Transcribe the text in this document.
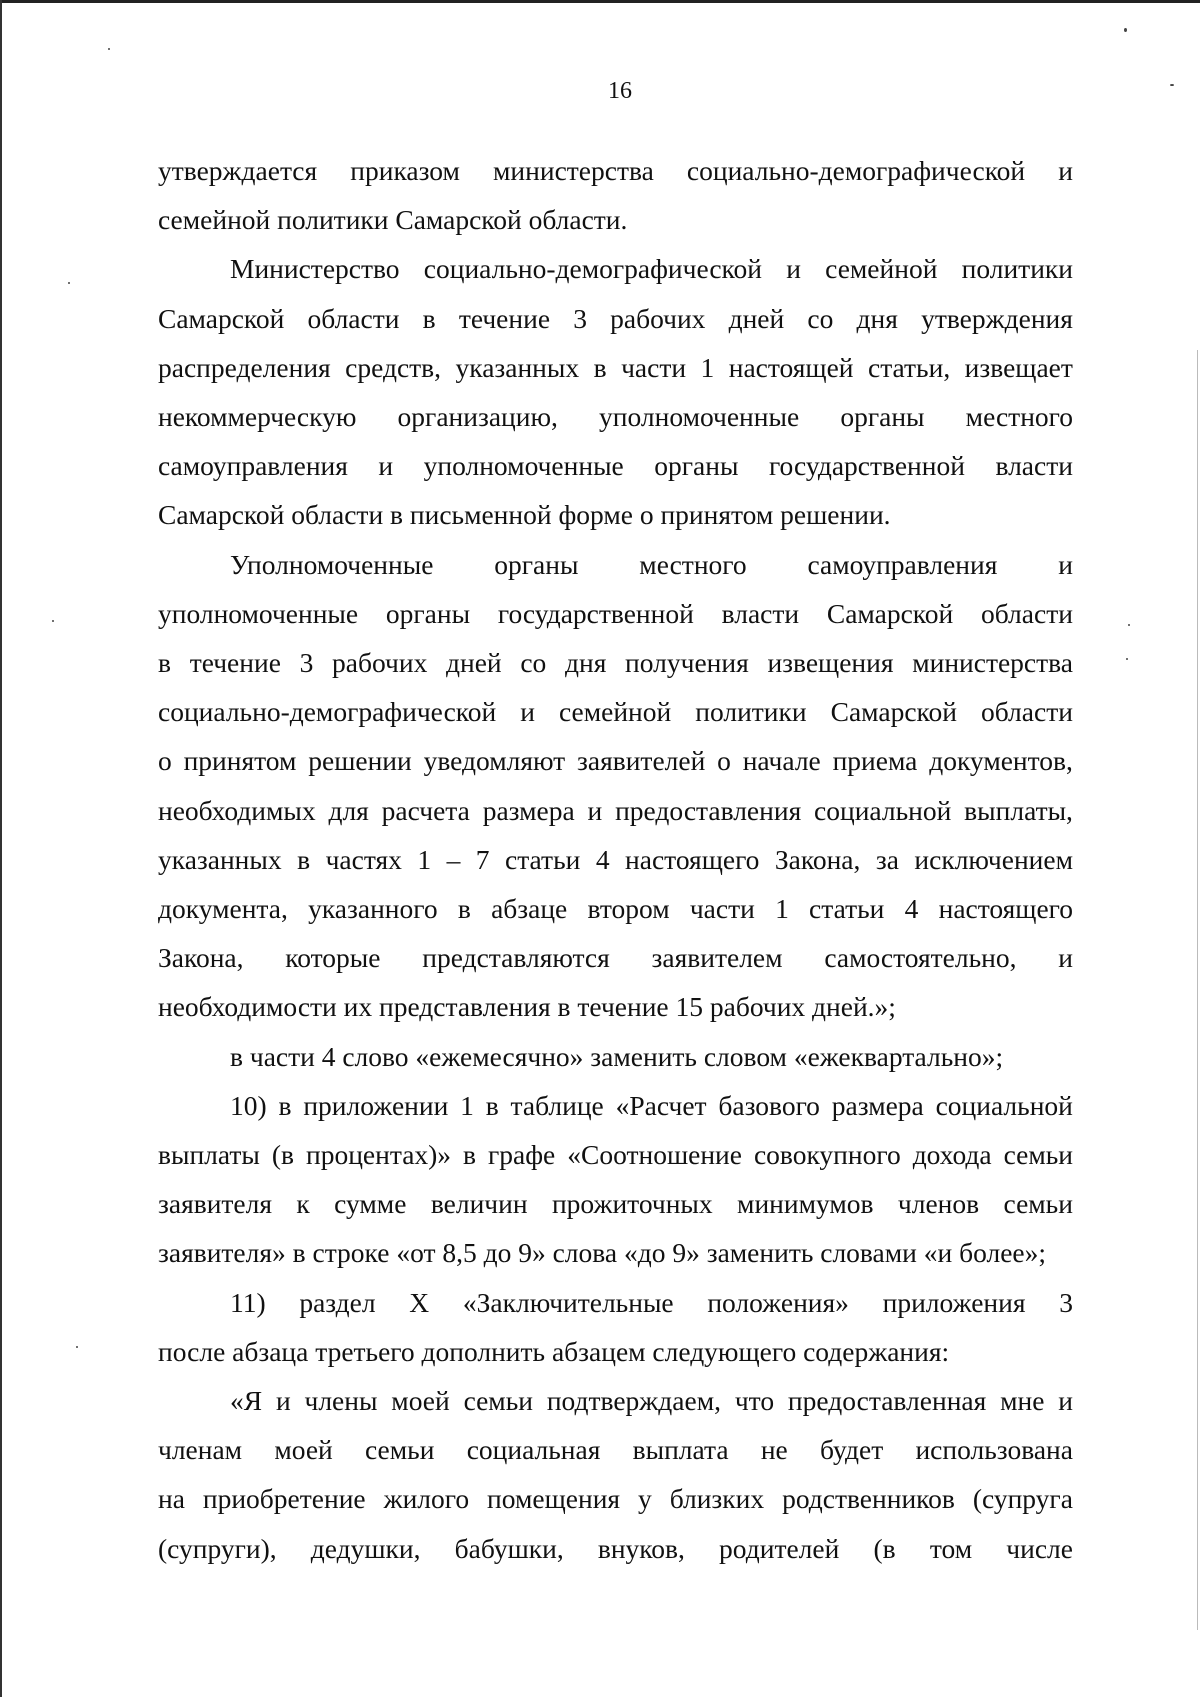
16
утверждается приказом министерства социально-демографической и
семейной политики Самарской области.
Министерство социально-демографической и семейной политики
Самарской области в течение 3 рабочих дней со дня утверждения
распределения средств, указанных в части 1 настоящей статьи, извещает
некоммерческую организацию, уполномоченные органы местного
самоуправления и уполномоченные органы государственной власти
Самарской области в письменной форме о принятом решении.
Уполномоченные органы местного самоуправления и
уполномоченные органы государственной власти Самарской области
в течение 3 рабочих дней со дня получения извещения министерства
социально-демографической и семейной политики Самарской области
о принятом решении уведомляют заявителей о начале приема документов,
необходимых для расчета размера и предоставления социальной выплаты,
указанных в частях 1 – 7 статьи 4 настоящего Закона, за исключением
документа, указанного в абзаце втором части 1 статьи 4 настоящего
Закона, которые представляются заявителем самостоятельно, и
необходимости их представления в течение 15 рабочих дней.»;
в части 4 слово «ежемесячно» заменить словом «ежеквартально»;
10) в приложении 1 в таблице «Расчет базового размера социальной
выплаты (в процентах)» в графе «Соотношение совокупного дохода семьи
заявителя к сумме величин прожиточных минимумов членов семьи
заявителя» в строке «от 8,5 до 9» слова «до 9» заменить словами «и более»;
11) раздел X «Заключительные положения» приложения 3
после абзаца третьего дополнить абзацем следующего содержания:
«Я и члены моей семьи подтверждаем, что предоставленная мне и
членам моей семьи социальная выплата не будет использована
на приобретение жилого помещения у близких родственников (супруга
(супруги), дедушки, бабушки, внуков, родителей (в том числе
